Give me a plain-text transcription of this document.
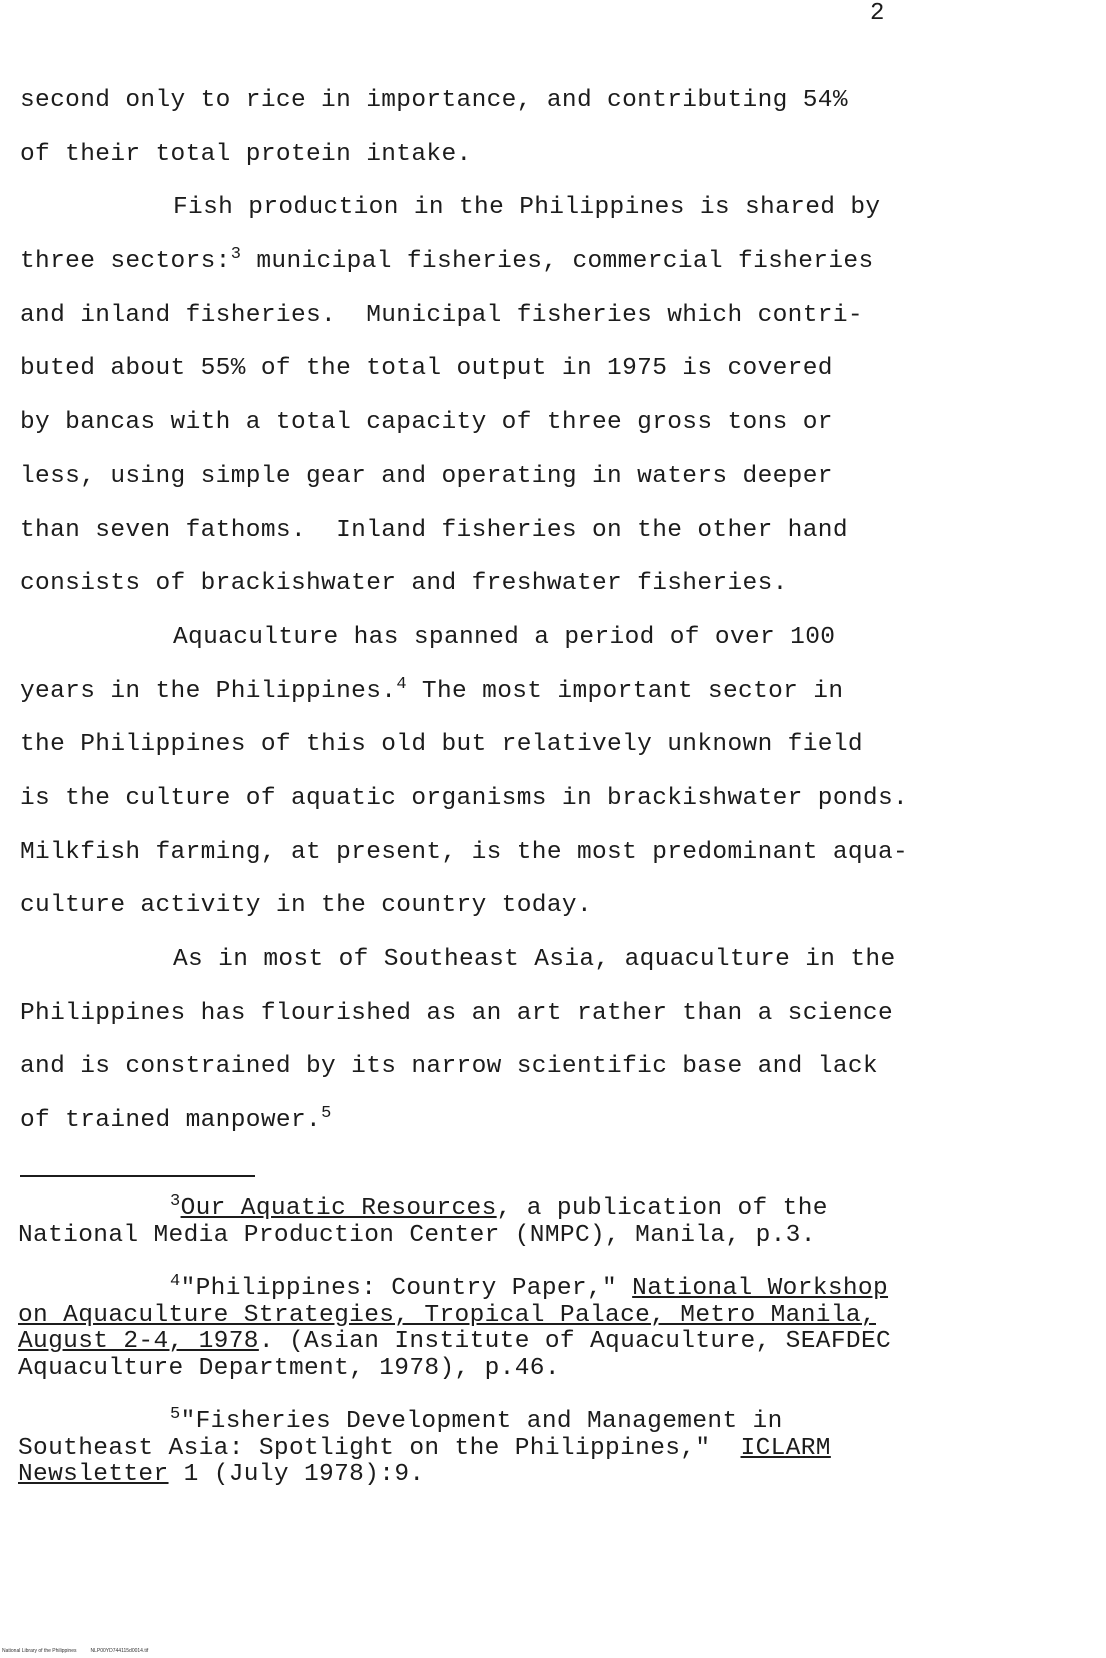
2
second only to rice in importance, and contributing 54%
of their total protein intake.
Fish production in the Philippines is shared by
three sectors:$^3$ municipal fisheries, commercial fisheries
and inland fisheries.  Municipal fisheries which contri-
buted about 55% of the total output in 1975 is covered
by bancas with a total capacity of three gross tons or
less, using simple gear and operating in waters deeper
than seven fathoms.  Inland fisheries on the other hand
consists of brackishwater and freshwater fisheries.
Aquaculture has spanned a period of over 100
years in the Philippines.$^4$ The most important sector in
the Philippines of this old but relatively unknown field
is the culture of aquatic organisms in brackishwater ponds.
Milkfish farming, at present, is the most predominant aqua-
culture activity in the country today.
As in most of Southeast Asia, aquaculture in the
Philippines has flourished as an art rather than a science
and is constrained by its narrow scientific base and lack
of trained manpower.$^5$
$^3$Our Aquatic Resources, a publication of the
National Media Production Center (NMPC), Manila, p.3.
$^4$"Philippines: Country Paper," National Workshop
on Aquaculture Strategies, Tropical Palace, Metro Manila,
August 2-4, 1978. (Asian Institute of Aquaculture, SEAFDEC
Aquaculture Department, 1978), p.46.
$^5$"Fisheries Development and Management in
Southeast Asia: Spotlight on the Philippines,"  ICLARM
Newsletter 1 (July 1978):9.
National Library of the Philippines	NLP00YD744115d0014.tif
